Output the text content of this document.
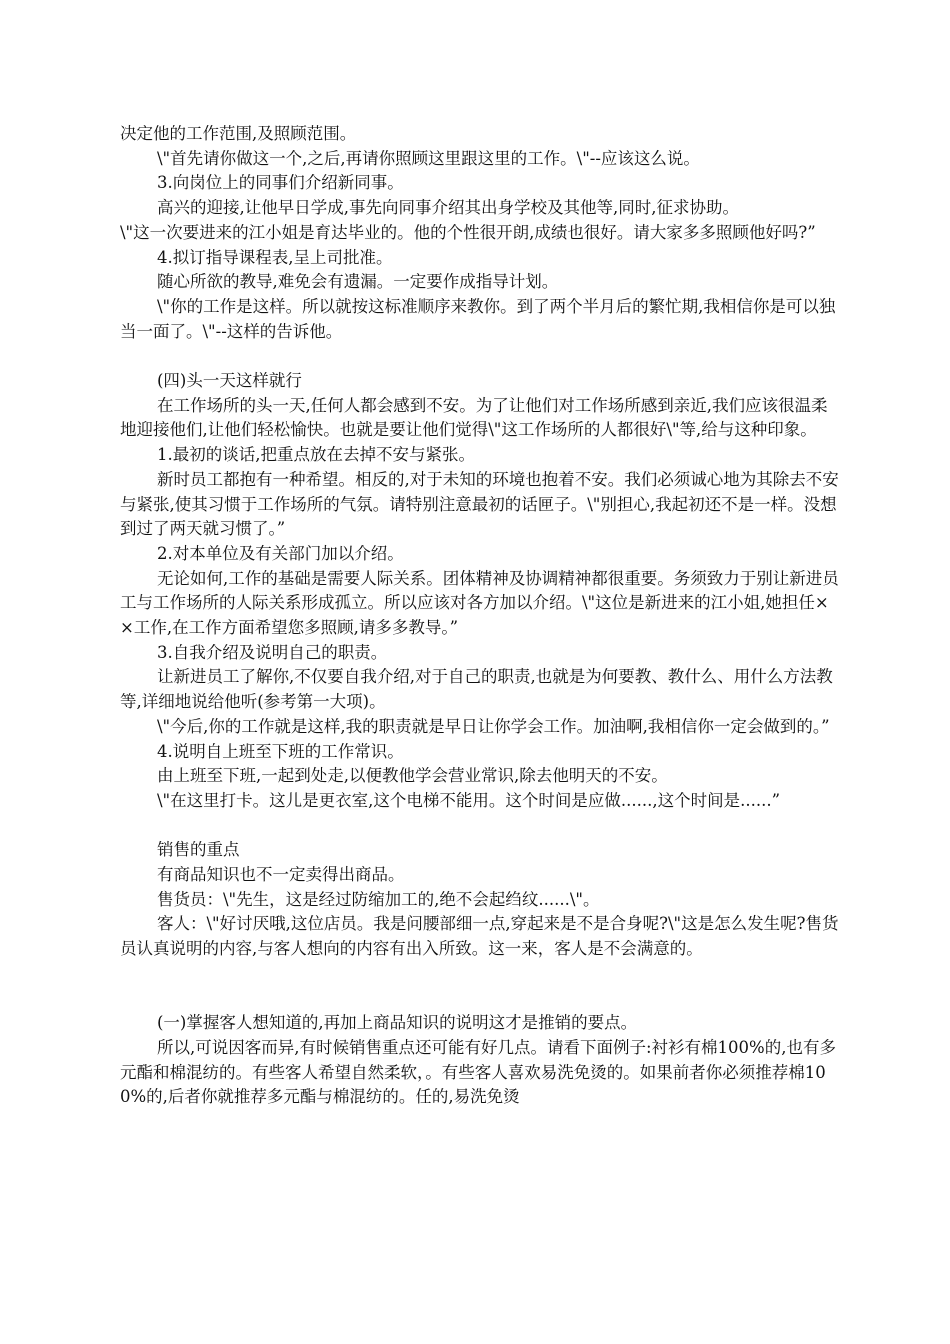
决定他的工作范围,及照顾范围。
\"首先请你做这一个,之后,再请你照顾这里跟这里的工作。\"--应该这么说。
3.向岗位上的同事们介绍新同事。
高兴的迎接,让他早日学成,事先向同事介绍其出身学校及其他等,同时,征求协助。
\"这一次要进来的江小姐是育达毕业的。他的个性很开朗,成绩也很好。请大家多多照顾他好吗?”
4.拟订指导课程表,呈上司批准。
随心所欲的教导,难免会有遗漏。一定要作成指导计划。
\"你的工作是这样。所以就按这标准顺序来教你。到了两个半月后的繁忙期,我相信你是可以独当一面了。\"--这样的告诉他。
(四)头一天这样就行
在工作场所的头一天,任何人都会感到不安。为了让他们对工作场所感到亲近,我们应该很温柔地迎接他们,让他们轻松愉快。也就是要让他们觉得\"这工作场所的人都很好\"等,给与这种印象。
1.最初的谈话,把重点放在去掉不安与紧张。
新时员工都抱有一种希望。相反的,对于未知的环境也抱着不安。我们必须诚心地为其除去不安与紧张,使其习惯于工作场所的气氛。请特别注意最初的话匣子。\"别担心,我起初还不是一样。没想到过了两天就习惯了。”
2.对本单位及有关部门加以介绍。
无论如何,工作的基础是需要人际关系。团体精神及协调精神都很重要。务须致力于别让新进员工与工作场所的人际关系形成孤立。所以应该对各方加以介绍。\"这位是新进来的江小姐,她担任××工作,在工作方面希望您多照顾,请多多教导。”
3.自我介绍及说明自己的职责。
让新进员工了解你,不仅要自我介绍,对于自己的职责,也就是为何要教、教什么、用什么方法教等,详细地说给他听(参考第一大项)。
\"今后,你的工作就是这样,我的职责就是早日让你学会工作。加油啊,我相信你一定会做到的。”
4.说明自上班至下班的工作常识。
由上班至下班,一起到处走,以便教他学会营业常识,除去他明天的不安。
\"在这里打卡。这儿是更衣室,这个电梯不能用。这个时间是应做......,这个时间是......”
销售的重点
有商品知识也不一定卖得出商品。
售货员：\"先生，这是经过防缩加工的,绝不会起绉纹......\"。
客人：\"好讨厌哦,这位店员。我是问腰部细一点,穿起来是不是合身呢?\"这是怎么发生呢?售货员认真说明的内容,与客人想向的内容有出入所致。这一来，客人是不会满意的。
(一)掌握客人想知道的,再加上商品知识的说明这才是推销的要点。
所以,可说因客而异,有时候销售重点还可能有好几点。请看下面例子:衬衫有棉100%的,也有多元酯和棉混纺的。有些客人希望自然柔软，。有些客人喜欢易洗免烫的。如果前者你必须推荐棉100%的,后者你就推荐多元酯与棉混纺的。任的,易洗免烫
